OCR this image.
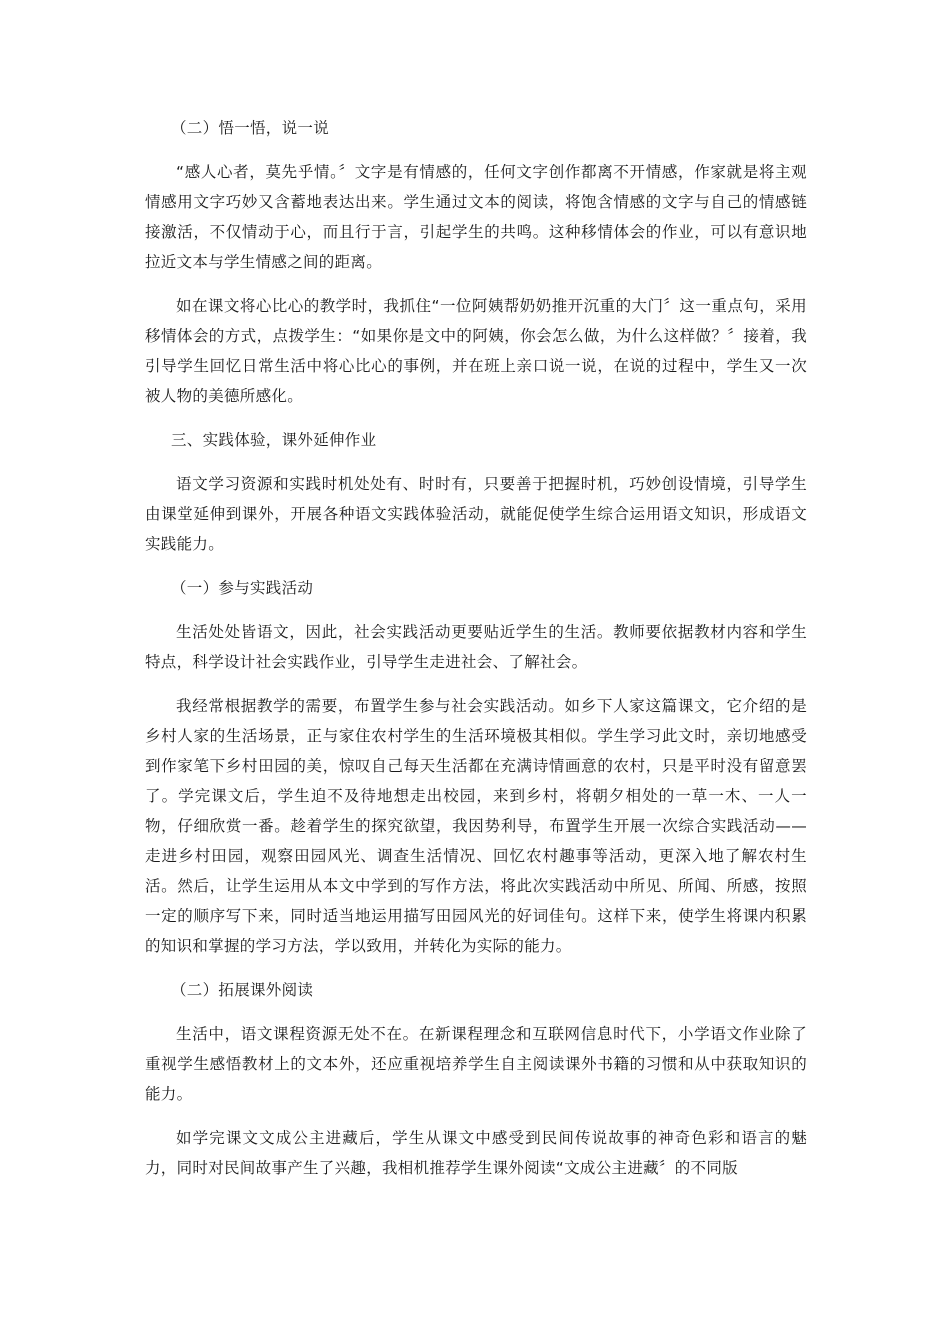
（二）悟一悟，说一说

“感人心者，莫先乎情。〞文字是有情感的，任何文字创作都离不开情感，作家就是将主观情感用文字巧妙又含蓄地表达出来。学生通过文本的阅读，将饱含情感的文字与自己的情感链接激活，不仅情动于心，而且行于言，引起学生的共鸣。这种移情体会的作业，可以有意识地拉近文本与学生情感之间的距离。

如在课文将心比心的教学时，我抓住“一位阿姨帮奶奶推开沉重的大门〞这一重点句，采用移情体会的方式，点拨学生：“如果你是文中的阿姨，你会怎么做，为什么这样做？〞接着，我引导学生回忆日常生活中将心比心的事例，并在班上亲口说一说，在说的过程中，学生又一次被人物的美德所感化。

三、实践体验，课外延伸作业

语文学习资源和实践时机处处有、时时有，只要善于把握时机，巧妙创设情境，引导学生由课堂延伸到课外，开展各种语文实践体验活动，就能促使学生综合运用语文知识，形成语文实践能力。

（一）参与实践活动

生活处处皆语文，因此，社会实践活动更要贴近学生的生活。教师要依据教材内容和学生特点，科学设计社会实践作业，引导学生走进社会、了解社会。

我经常根据教学的需要，布置学生参与社会实践活动。如乡下人家这篇课文，它介绍的是乡村人家的生活场景，正与家住农村学生的生活环境极其相似。学生学习此文时，亲切地感受到作家笔下乡村田园的美，惊叹自己每天生活都在充满诗情画意的农村，只是平时没有留意罢了。学完课文后，学生迫不及待地想走出校园，来到乡村，将朝夕相处的一草一木、一人一物，仔细欣赏一番。趁着学生的探究欲望，我因势利导，布置学生开展一次综合实践活动——走进乡村田园，观察田园风光、调查生活情况、回忆农村趣事等活动，更深入地了解农村生活。然后，让学生运用从本文中学到的写作方法，将此次实践活动中所见、所闻、所感，按照一定的顺序写下来，同时适当地运用描写田园风光的好词佳句。这样下来，使学生将课内积累的知识和掌握的学习方法，学以致用，并转化为实际的能力。

（二）拓展课外阅读

生活中，语文课程资源无处不在。在新课程理念和互联网信息时代下，小学语文作业除了重视学生感悟教材上的文本外，还应重视培养学生自主阅读课外书籍的习惯和从中获取知识的能力。

如学完课文文成公主进藏后，学生从课文中感受到民间传说故事的神奇色彩和语言的魅力，同时对民间故事产生了兴趣，我相机推荐学生课外阅读“文成公主进藏〞的不同版
